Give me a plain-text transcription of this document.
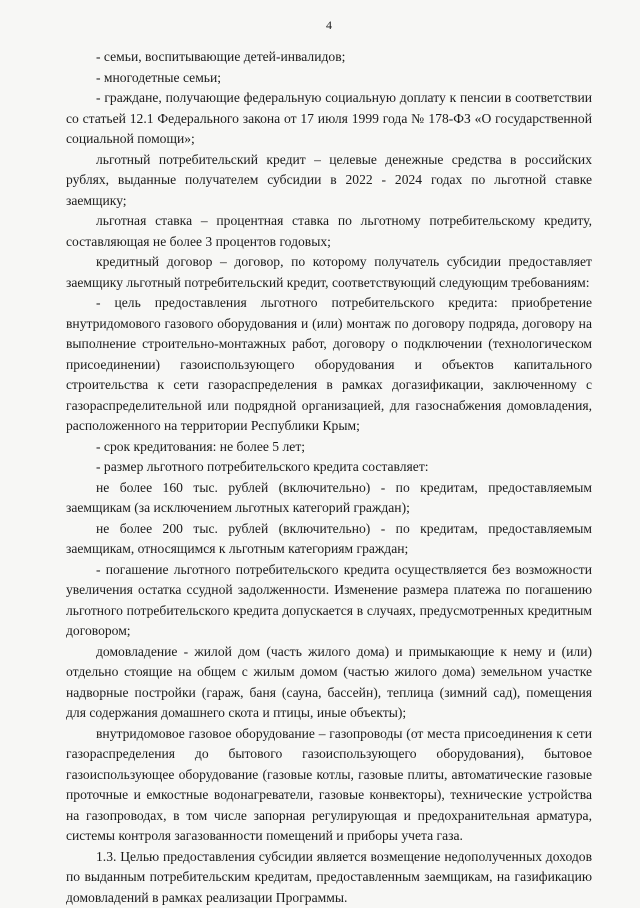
4

- семьи, воспитывающие детей-инвалидов;

- многодетные семьи;

- граждане, получающие федеральную социальную доплату к пенсии в соответствии со статьей 12.1 Федерального закона от 17 июля 1999 года № 178-ФЗ «О государственной социальной помощи»;

льготный потребительский кредит – целевые денежные средства в российских рублях, выданные получателем субсидии в 2022 - 2024 годах по льготной ставке заемщику;

льготная ставка – процентная ставка по льготному потребительскому кредиту, составляющая не более 3 процентов годовых;

кредитный договор – договор, по которому получатель субсидии предоставляет заемщику льготный потребительский кредит, соответствующий следующим требованиям:

- цель предоставления льготного потребительского кредита: приобретение внутридомового газового оборудования и (или) монтаж по договору подряда, договору на выполнение строительно-монтажных работ, договору о подключении (технологическом присоединении) газоиспользующего оборудования и объектов капитального строительства к сети газораспределения в рамках догазификации, заключенному с газораспределительной или подрядной организацией, для газоснабжения домовладения, расположенного на территории Республики Крым;

- срок кредитования: не более 5 лет;

- размер льготного потребительского кредита составляет:

не более 160 тыс. рублей (включительно) - по кредитам, предоставляемым заемщикам (за исключением льготных категорий граждан);

не более 200 тыс. рублей (включительно) - по кредитам, предоставляемым заемщикам, относящимся к льготным категориям граждан;

- погашение льготного потребительского кредита осуществляется без возможности увеличения остатка ссудной задолженности. Изменение размера платежа по погашению льготного потребительского кредита допускается в случаях, предусмотренных кредитным договором;

домовладение - жилой дом (часть жилого дома) и примыкающие к нему и (или) отдельно стоящие на общем с жилым домом (частью жилого дома) земельном участке надворные постройки (гараж, баня (сауна, бассейн), теплица (зимний сад), помещения для содержания домашнего скота и птицы, иные объекты);

внутридомовое газовое оборудование – газопроводы (от места присоединения к сети газораспределения до бытового газоиспользующего оборудования), бытовое газоиспользующее оборудование (газовые котлы, газовые плиты, автоматические газовые проточные и емкостные водонагреватели, газовые конвекторы), технические устройства на газопроводах, в том числе запорная регулирующая и предохранительная арматура, системы контроля загазованности помещений и приборы учета газа.

1.3. Целью предоставления субсидии является возмещение недополученных доходов по выданным потребительским кредитам, предоставленным заемщикам, на газификацию домовладений в рамках реализации Программы.
